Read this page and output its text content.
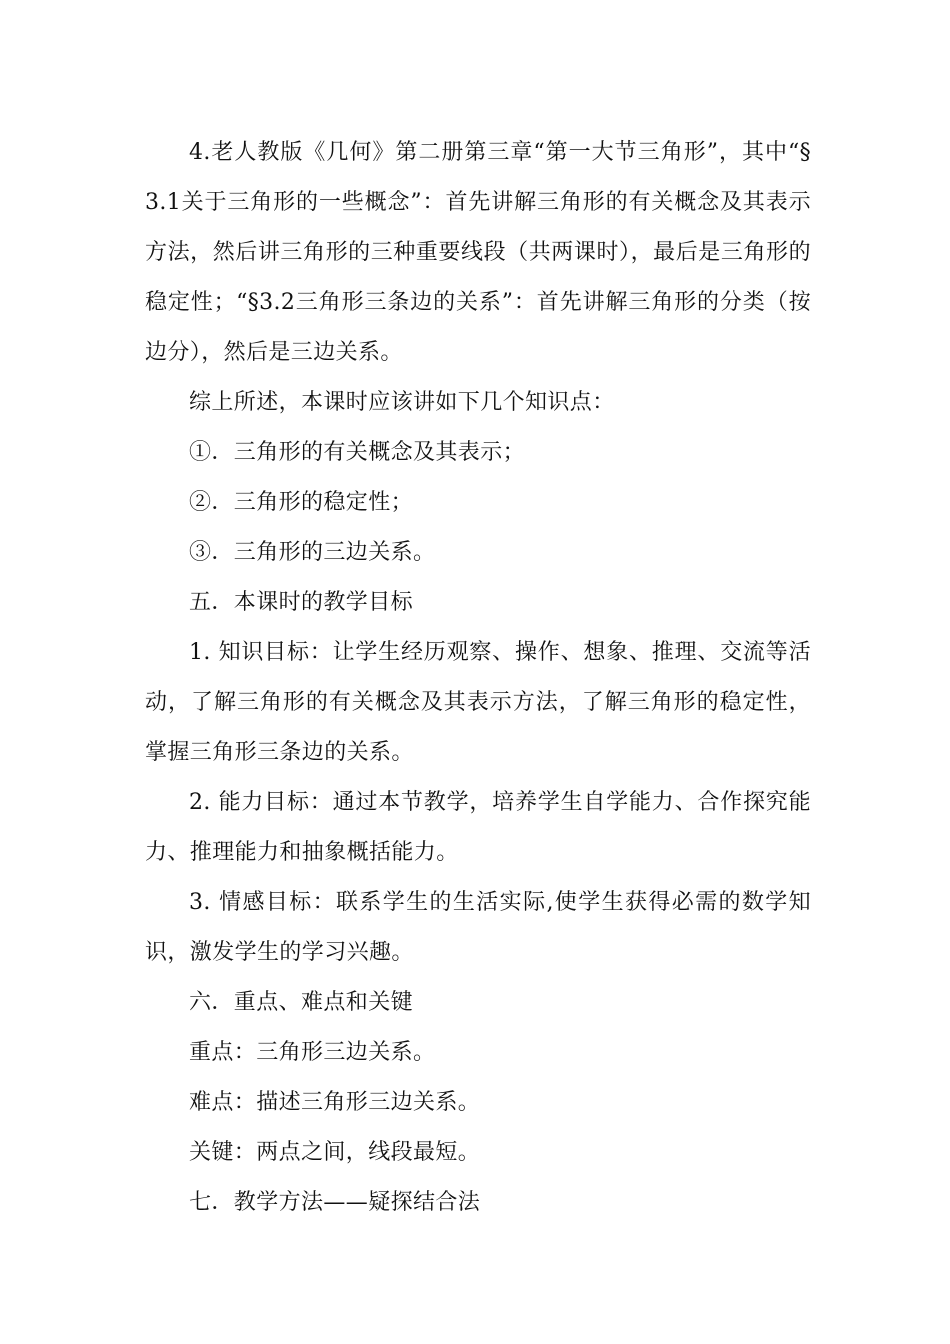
4.老人教版《几何》第二册第三章“第一大节三角形”，其中“§3.1关于三角形的一些概念”：首先讲解三角形的有关概念及其表示方法，然后讲三角形的三种重要线段（共两课时），最后是三角形的稳定性；“§3.2三角形三条边的关系”：首先讲解三角形的分类（按边分），然后是三边关系。

综上所述，本课时应该讲如下几个知识点：

①．三角形的有关概念及其表示；

②．三角形的稳定性；

③．三角形的三边关系。

五．本课时的教学目标

1. 知识目标：让学生经历观察、操作、想象、推理、交流等活动，了解三角形的有关概念及其表示方法，了解三角形的稳定性，掌握三角形三条边的关系。

2. 能力目标：通过本节教学，培养学生自学能力、合作探究能力、推理能力和抽象概括能力。

3. 情感目标：联系学生的生活实际,使学生获得必需的数学知识，激发学生的学习兴趣。

六．重点、难点和关键

重点：三角形三边关系。

难点：描述三角形三边关系。

关键：两点之间，线段最短。

七．教学方法——疑探结合法
